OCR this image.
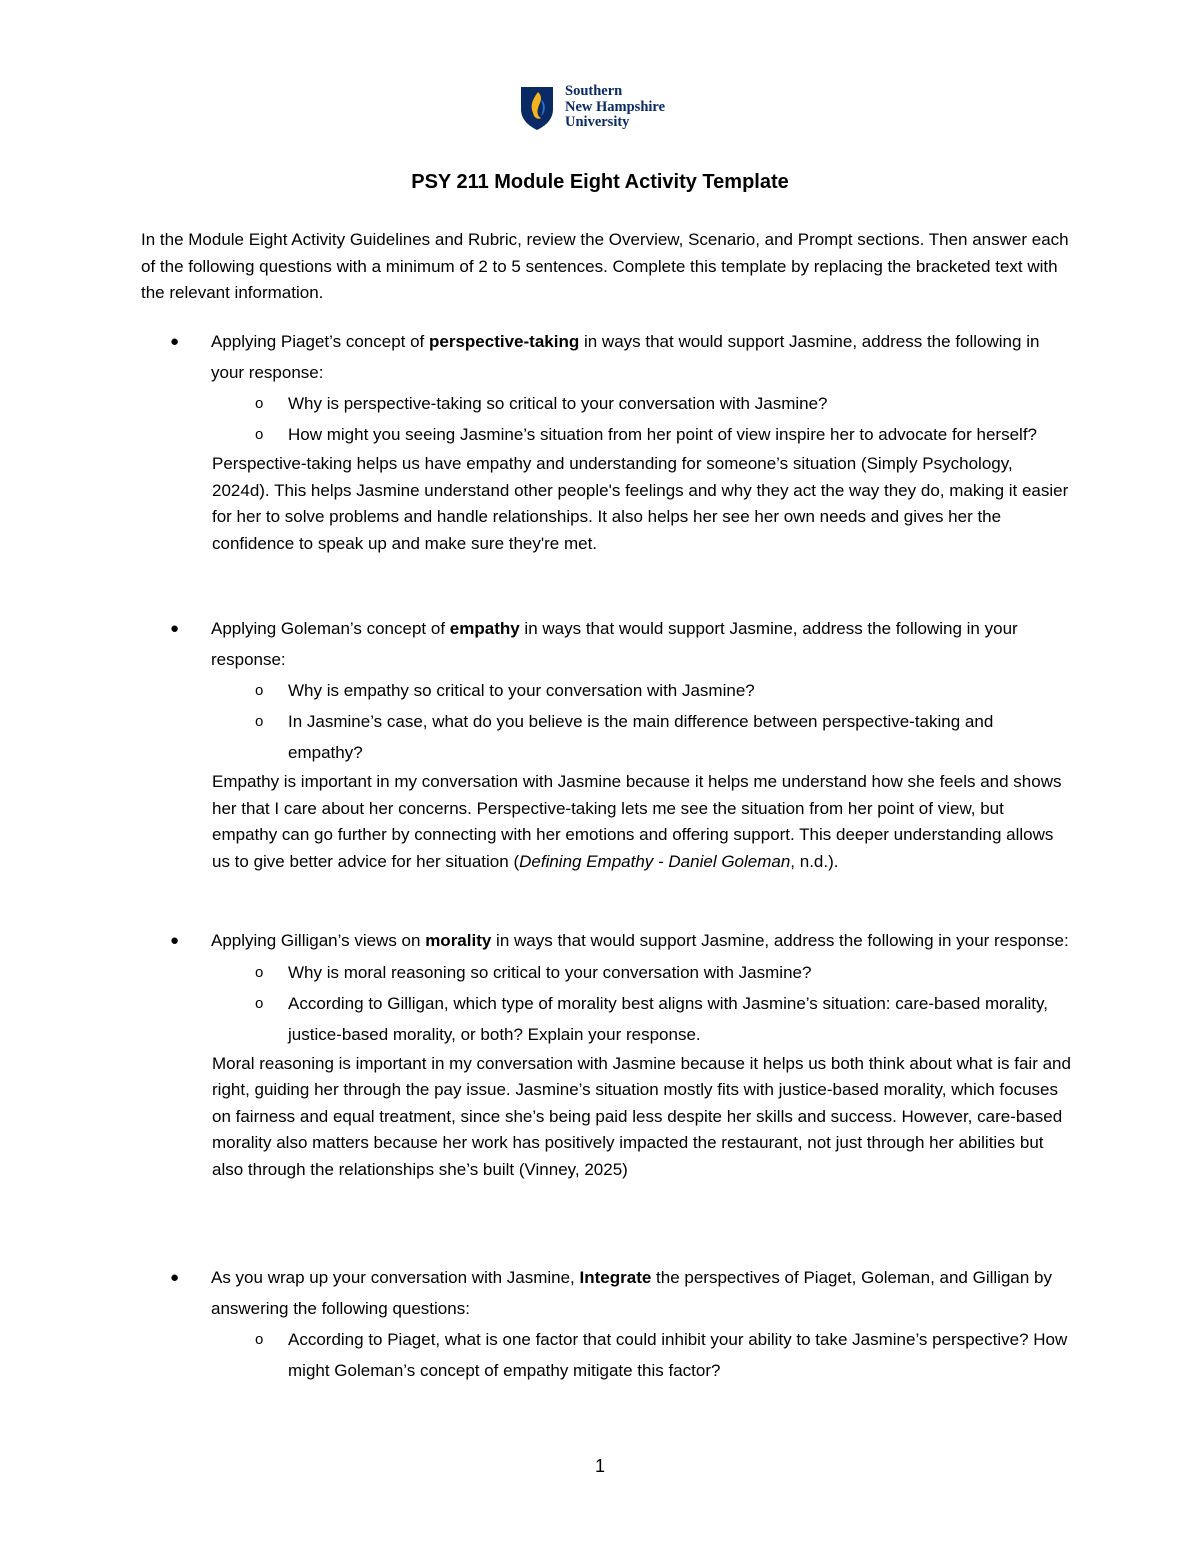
Southern
New Hampshire
University
PSY 211 Module Eight Activity Template
In the Module Eight Activity Guidelines and Rubric, review the Overview, Scenario, and Prompt sections. Then answer each of the following questions with a minimum of 2 to 5 sentences. Complete this template by replacing the bracketed text with the relevant information.
● Applying Piaget’s concept of perspective-taking in ways that would support Jasmine, address the following in your response:
o Why is perspective-taking so critical to your conversation with Jasmine?
o How might you seeing Jasmine’s situation from her point of view inspire her to advocate for herself?
Perspective-taking helps us have empathy and understanding for someone’s situation (Simply Psychology, 2024d). This helps Jasmine understand other people's feelings and why they act the way they do, making it easier for her to solve problems and handle relationships. It also helps her see her own needs and gives her the confidence to speak up and make sure they're met.
● Applying Goleman’s concept of empathy in ways that would support Jasmine, address the following in your response:
o Why is empathy so critical to your conversation with Jasmine?
o In Jasmine’s case, what do you believe is the main difference between perspective-taking and empathy?
Empathy is important in my conversation with Jasmine because it helps me understand how she feels and shows her that I care about her concerns. Perspective-taking lets me see the situation from her point of view, but empathy can go further by connecting with her emotions and offering support. This deeper understanding allows us to give better advice for her situation (Defining Empathy - Daniel Goleman, n.d.).
● Applying Gilligan’s views on morality in ways that would support Jasmine, address the following in your response:
o Why is moral reasoning so critical to your conversation with Jasmine?
o According to Gilligan, which type of morality best aligns with Jasmine’s situation: care-based morality, justice-based morality, or both? Explain your response.
Moral reasoning is important in my conversation with Jasmine because it helps us both think about what is fair and right, guiding her through the pay issue. Jasmine’s situation mostly fits with justice-based morality, which focuses on fairness and equal treatment, since she’s being paid less despite her skills and success. However, care-based morality also matters because her work has positively impacted the restaurant, not just through her abilities but also through the relationships she’s built (Vinney, 2025)
● As you wrap up your conversation with Jasmine, Integrate the perspectives of Piaget, Goleman, and Gilligan by answering the following questions:
o According to Piaget, what is one factor that could inhibit your ability to take Jasmine’s perspective? How might Goleman’s concept of empathy mitigate this factor?
1
